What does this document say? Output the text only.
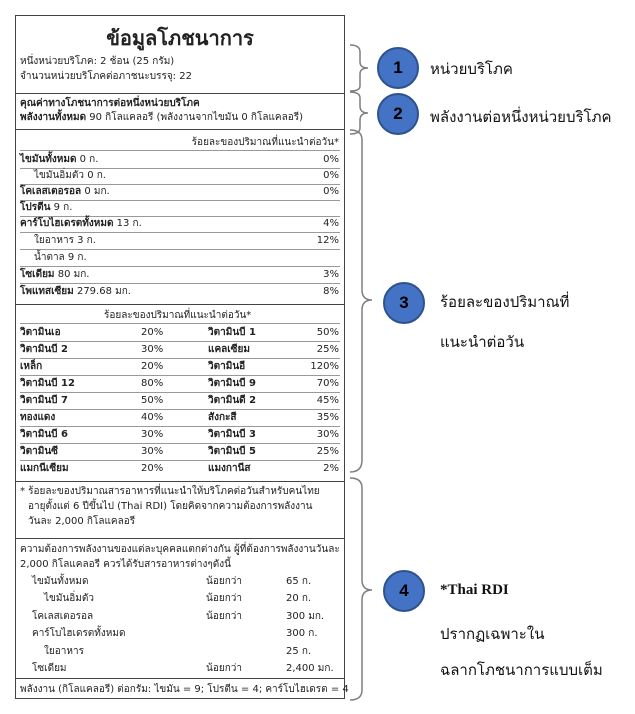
ข้อมูลโภชนาการ
หนึ่งหน่วยบริโภค: 2 ช้อน (25 กรัม)
จำนวนหน่วยบริโภคต่อภาชนะบรรจุ: 22
คุณค่าทางโภชนาการต่อหนึ่งหน่วยบริโภค
พลังงานทั้งหมด 90 กิโลแคลอรี (พลังงานจากไขมัน 0 กิโลแคลอรี)
ร้อยละของปริมาณที่แนะนำต่อวัน*
ไขมันทั้งหมด 0 ก.	0%
ไขมันอิ่มตัว 0 ก.	0%
โคเลสเตอรอล 0 มก.	0%
โปรตีน 9 ก.
คาร์โบไฮเดรตทั้งหมด 13 ก.	4%
ใยอาหาร 3 ก.	12%
น้ำตาล 9 ก.
โซเดียม 80 มก.	3%
โพแทสเซียม 279.68 มก.	8%
ร้อยละของปริมาณที่แนะนำต่อวัน*
วิตามินเอ	20%	วิตามินบี 1	50%
วิตามินบี 2	30%	แคลเซียม	25%
เหล็ก	20%	วิตามินอี	120%
วิตามินบี 12	80%	วิตามินบี 9	70%
วิตามินบี 7	50%	วิตามินดี 2	45%
ทองแดง	40%	สังกะสี	35%
วิตามินบี 6	30%	วิตามินบี 3	30%
วิตามินซี	30%	วิตามินบี 5	25%
แมกนีเซียม	20%	แมงกานีส	2%
* ร้อยละของปริมาณสารอาหารที่แนะนำให้บริโภคต่อวันสำหรับคนไทย
อายุตั้งแต่ 6 ปีขึ้นไป (Thai RDI) โดยคิดจากความต้องการพลังงาน
วันละ 2,000 กิโลแคลอรี
ความต้องการพลังงานของแต่ละบุคคลแตกต่างกัน ผู้ที่ต้องการพลังงานวันละ
2,000 กิโลแคลอรี ควรได้รับสารอาหารต่างๆดังนี้
ไขมันทั้งหมด	น้อยกว่า	65 ก.
ไขมันอิ่มตัว	น้อยกว่า	20 ก.
โคเลสเตอรอล	น้อยกว่า	300 มก.
คาร์โบไฮเดรตทั้งหมด	300 ก.
ใยอาหาร	25 ก.
โซเดียม	น้อยกว่า	2,400 มก.
พลังงาน (กิโลแคลอรี) ต่อกรัม: ไขมัน = 9; โปรตีน = 4; คาร์โบไฮเดรต = 4
1	หน่วยบริโภค
2	พลังงานต่อหนึ่งหน่วยบริโภค
3	ร้อยละของปริมาณที่
แนะนำต่อวัน
4	*Thai RDI
ปรากฏเฉพาะใน
ฉลากโภชนาการแบบเต็ม
